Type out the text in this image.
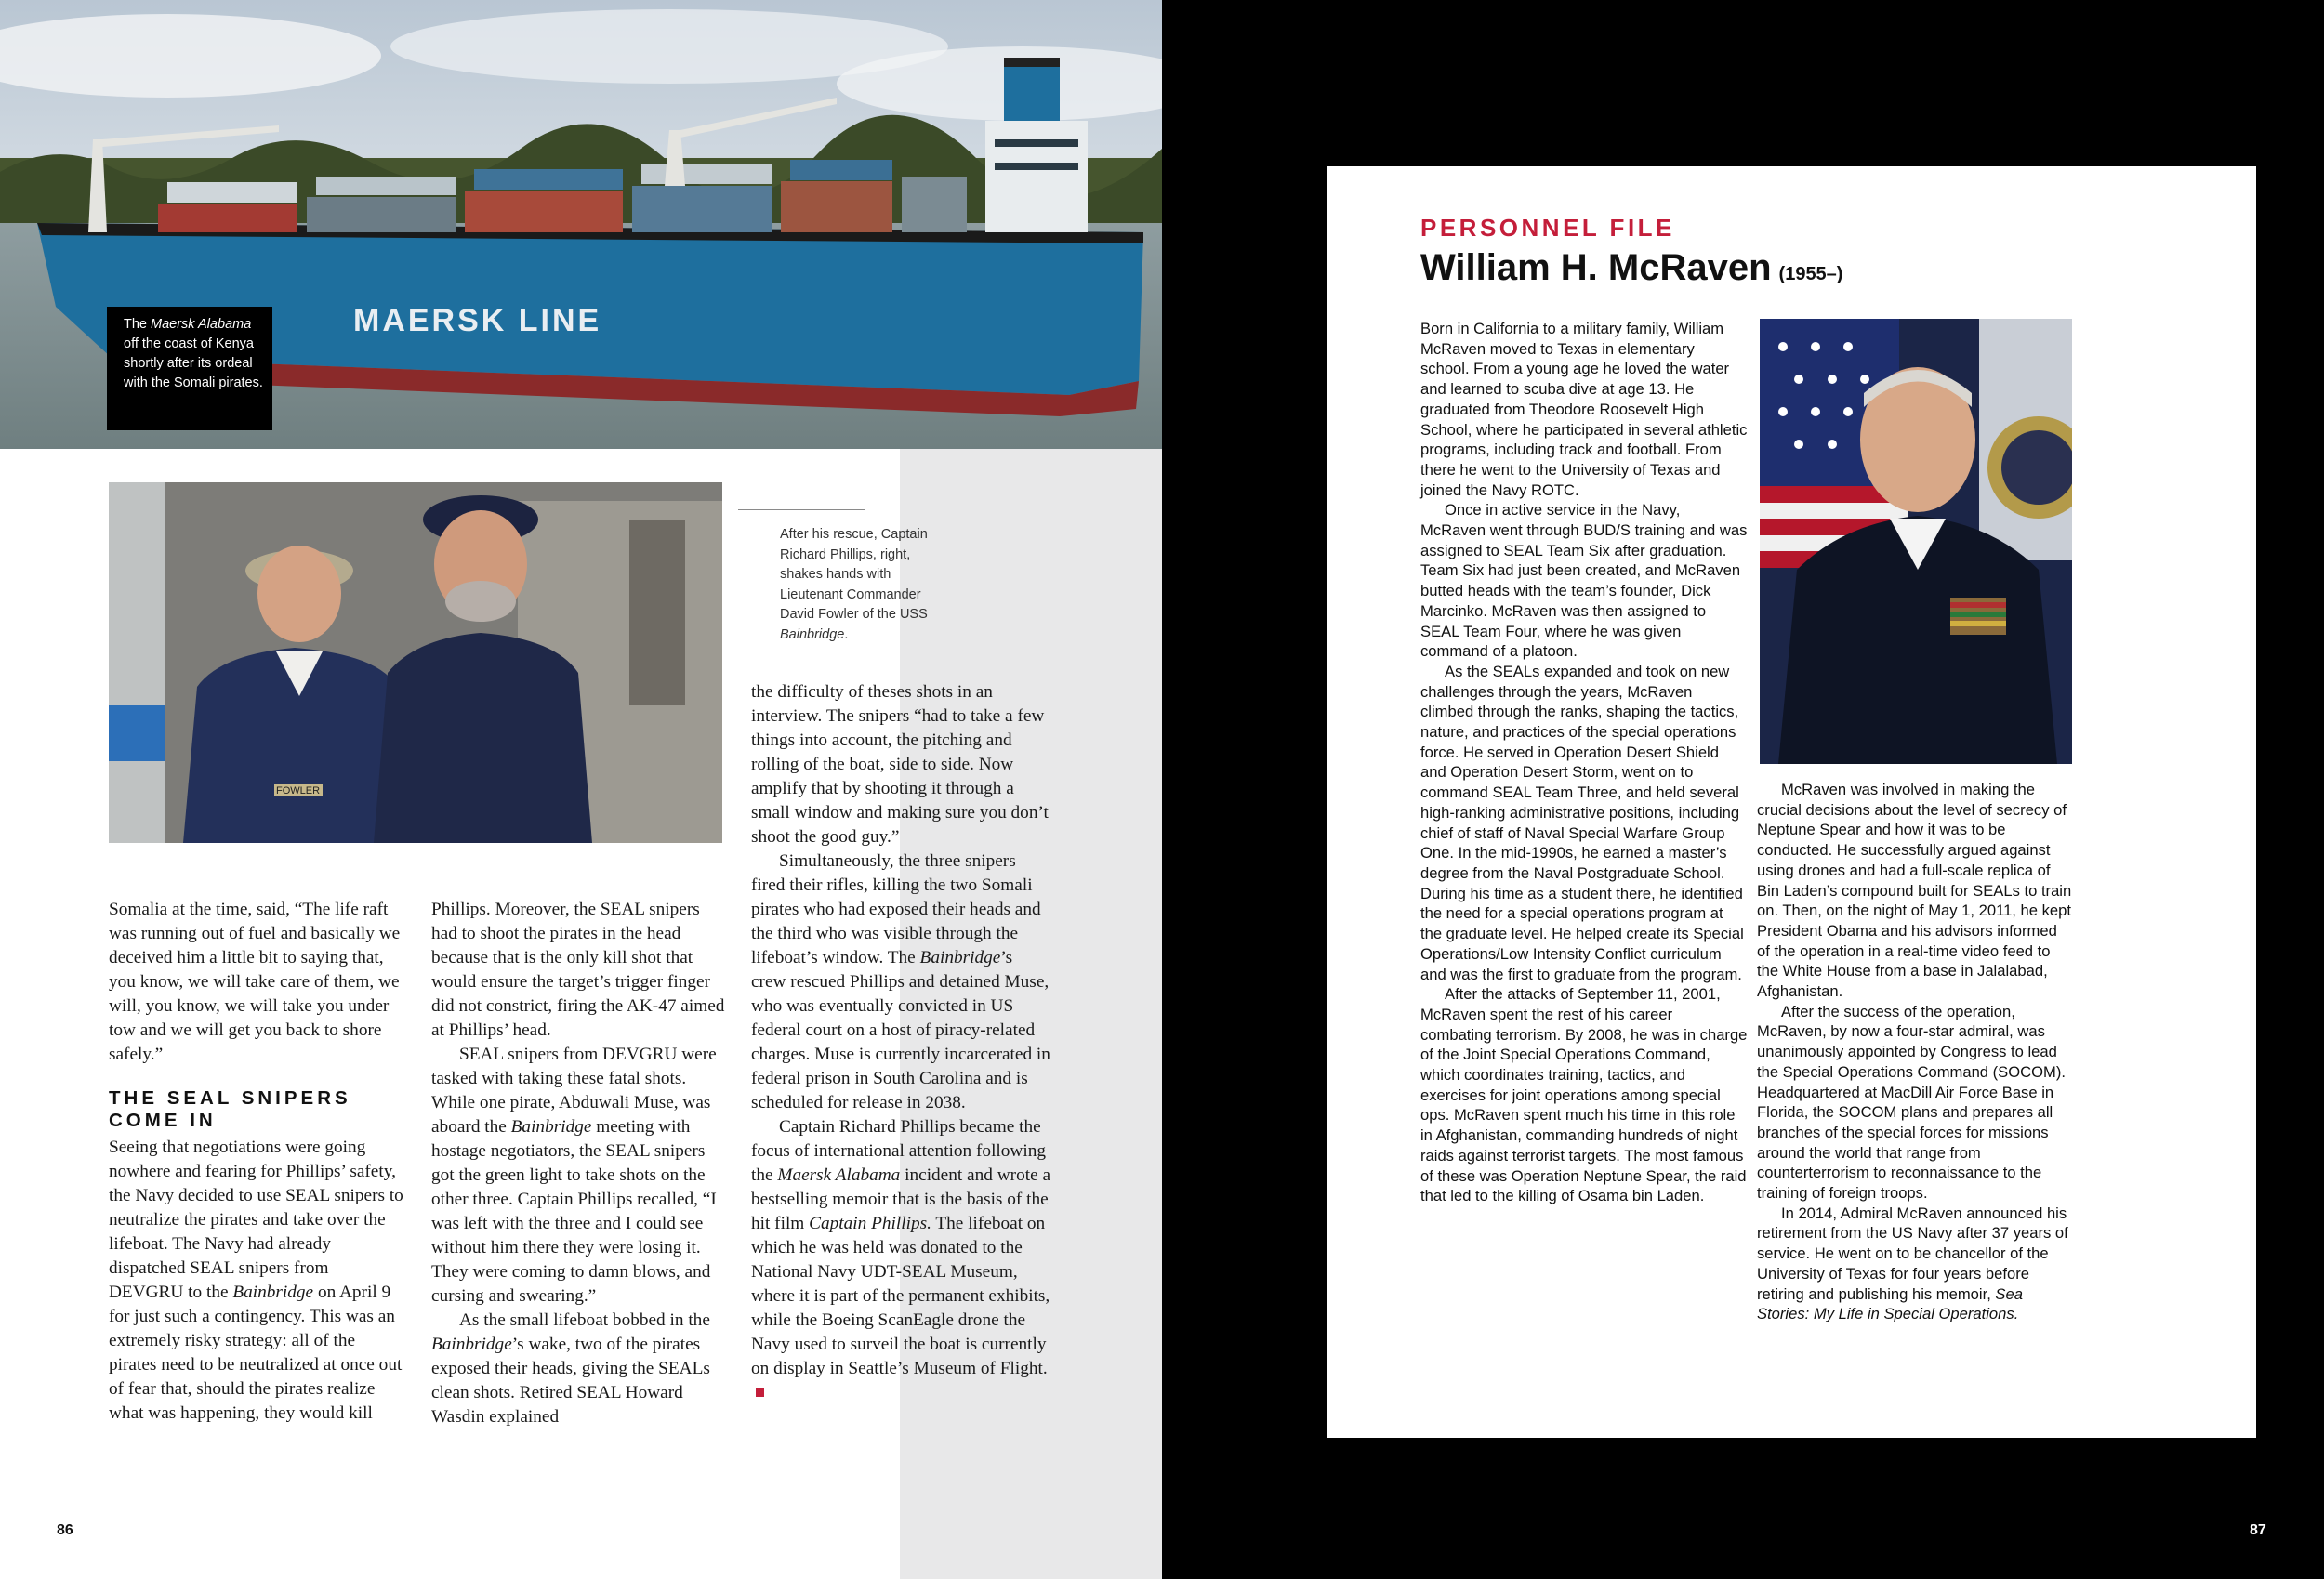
MAERSK LINE
The Maersk Alabama off the coast of Kenya shortly after its ordeal with the Somali pirates.
FOWLER
After his rescue, Captain Richard Phillips, right, shakes hands with Lieutenant Commander David Fowler of the USS Bainbridge.

Somalia at the time, said, “The life raft was running out of fuel and basically we deceived him a little bit to saying that, you know, we will take care of them, we will, you know, we will take you under tow and we will get you back to shore safely.”

THE SEAL SNIPERS COME IN

Seeing that negotiations were going nowhere and fearing for Phillips’ safety, the Navy decided to use SEAL snipers to neutralize the pirates and take over the lifeboat. The Navy had already dispatched SEAL snipers from DEVGRU to the Bainbridge on April 9 for just such a contingency. This was an extremely risky strategy: all of the pirates need to be neutralized at once out of fear that, should the pirates realize what was happening, they would kill

Phillips. Moreover, the SEAL snipers had to shoot the pirates in the head because that is the only kill shot that would ensure the target’s trigger finger did not constrict, firing the AK-47 aimed at Phillips’ head.

SEAL snipers from DEVGRU were tasked with taking these fatal shots. While one pirate, Abduwali Muse, was aboard the Bainbridge meeting with hostage negotiators, the SEAL snipers got the green light to take shots on the other three. Captain Phillips recalled, “I was left with the three and I could see without him there they were losing it. They were coming to damn blows, and cursing and swearing.”

As the small lifeboat bobbed in the Bainbridge’s wake, two of the pirates exposed their heads, giving the SEALs clean shots. Retired SEAL Howard Wasdin explained

the difficulty of theses shots in an interview. The snipers “had to take a few things into account, the pitching and rolling of the boat, side to side. Now amplify that by shooting it through a small window and making sure you don’t shoot the good guy.”

Simultaneously, the three snipers fired their rifles, killing the two Somali pirates who had exposed their heads and the third who was visible through the lifeboat’s window. The Bainbridge’s crew rescued Phillips and detained Muse, who was eventually convicted in US federal court on a host of piracy-related charges. Muse is currently incarcerated in federal prison in South Carolina and is scheduled for release in 2038.

Captain Richard Phillips became the focus of international attention following the Maersk Alabama incident and wrote a bestselling memoir that is the basis of the hit film Captain Phillips. The lifeboat on which he was held was donated to the National Navy UDT-SEAL Museum, where it is part of the permanent exhibits, while the Boeing ScanEagle drone the Navy used to surveil the boat is currently on display in Seattle’s Museum of Flight.

86	87
PERSONNEL FILE
William H. McRaven (1955–)

Born in California to a military family, William McRaven moved to Texas in elementary school. From a young age he loved the water and learned to scuba dive at age 13. He graduated from Theodore Roosevelt High School, where he participated in several athletic programs, including track and football. From there he went to the University of Texas and joined the Navy ROTC.

Once in active service in the Navy, McRaven went through BUD/S training and was assigned to SEAL Team Six after graduation. Team Six had just been created, and McRaven butted heads with the team’s founder, Dick Marcinko. McRaven was then assigned to SEAL Team Four, where he was given command of a platoon.

As the SEALs expanded and took on new challenges through the years, McRaven climbed through the ranks, shaping the tactics, nature, and practices of the special operations force. He served in Operation Desert Shield and Operation Desert Storm, went on to command SEAL Team Three, and held several high-ranking administrative positions, including chief of staff of Naval Special Warfare Group One. In the mid-1990s, he earned a master’s degree from the Naval Postgraduate School. During his time as a student there, he identified the need for a special operations program at the graduate level. He helped create its Special Operations/Low Intensity Conflict curriculum and was the first to graduate from the program.

After the attacks of September 11, 2001, McRaven spent the rest of his career combating terrorism. By 2008, he was in charge of the Joint Special Operations Command, which coordinates training, tactics, and exercises for joint operations among special ops. McRaven spent much his time in this role in Afghanistan, commanding hundreds of night raids against terrorist targets. The most famous of these was Operation Neptune Spear, the raid that led to the killing of Osama bin Laden.

McRaven was involved in making the crucial decisions about the level of secrecy of Neptune Spear and how it was to be conducted. He successfully argued against using drones and had a full-scale replica of Bin Laden’s compound built for SEALs to train on. Then, on the night of May 1, 2011, he kept President Obama and his advisors informed of the operation in a real-time video feed to the White House from a base in Jalalabad, Afghanistan.

After the success of the operation, McRaven, by now a four-star admiral, was unanimously appointed by Congress to lead the Special Operations Command (SOCOM). Headquartered at MacDill Air Force Base in Florida, the SOCOM plans and prepares all branches of the special forces for missions around the world that range from counterterrorism to reconnaissance to the training of foreign troops.

In 2014, Admiral McRaven announced his retirement from the US Navy after 37 years of service. He went on to be chancellor of the University of Texas for four years before retiring and publishing his memoir, Sea Stories: My Life in Special Operations.
